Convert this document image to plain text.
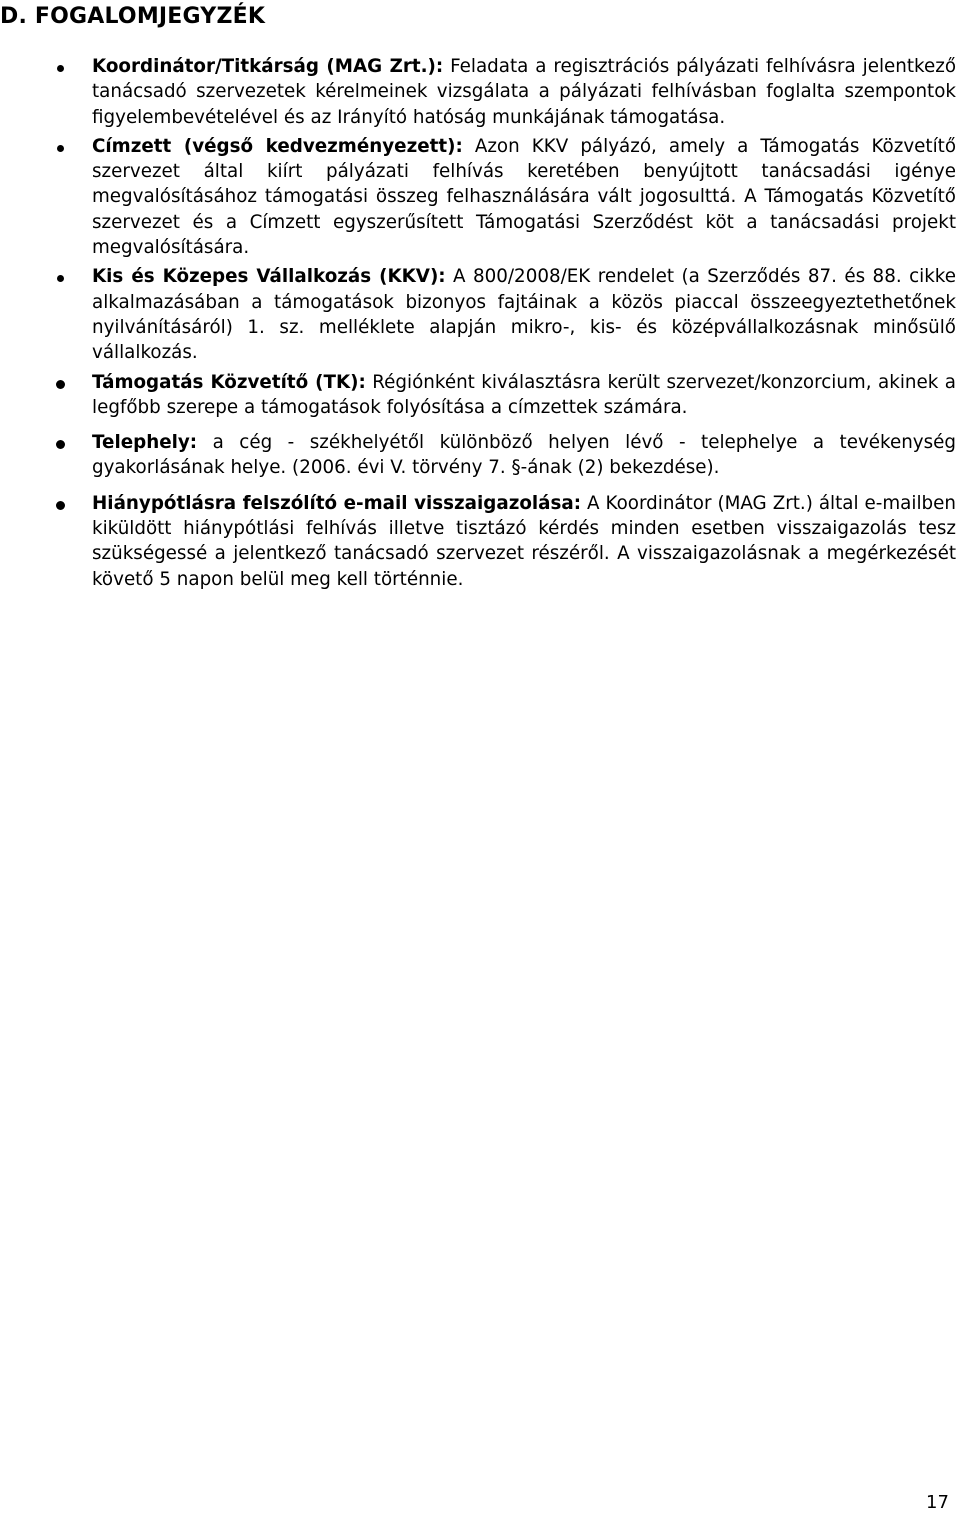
D. FOGALOMJEGYZÉK
Koordinátor/Titkárság (MAG Zrt.): Feladata a regisztrációs pályázati felhívásra jelentkező tanácsadó szervezetek kérelmeinek vizsgálata a pályázati felhívásban foglalta szempontok figyelembevételével és az Irányító hatóság munkájának támogatása.
Címzett (végső kedvezményezett): Azon KKV pályázó, amely a Támogatás Közvetítő szervezet által kiírt pályázati felhívás keretében benyújtott tanácsadási igénye megvalósításához támogatási összeg felhasználására vált jogosulttá. A Támogatás Közvetítő szervezet és a Címzett egyszerűsített Támogatási Szerződést köt a tanácsadási projekt megvalósítására.
Kis és Közepes Vállalkozás (KKV): A 800/2008/EK rendelet (a Szerződés 87. és 88. cikke alkalmazásában a támogatások bizonyos fajtáinak a közös piaccal összeegyeztethetőnek nyilvánításáról) 1. sz. melléklete alapján mikro-, kis- és középvállalkozásnak minősülő vállalkozás.
Támogatás Közvetítő (TK): Régiónként kiválasztásra került szervezet/konzorcium, akinek a legfőbb szerepe a támogatások folyósítása a címzettek számára.
Telephely: a cég - székhelyétől különböző helyen lévő - telephelye a tevékenység gyakorlásának helye. (2006. évi V. törvény 7. §-ának (2) bekezdése).
Hiánypótlásra felszólító e-mail visszaigazolása: A Koordinátor (MAG Zrt.) által e-mailben kiküldött hiánypótlási felhívás illetve tisztázó kérdés minden esetben visszaigazolás tesz szükségessé a jelentkező tanácsadó szervezet részéről. A visszaigazolásnak a megérkezését követő 5 napon belül meg kell történnie.
17
